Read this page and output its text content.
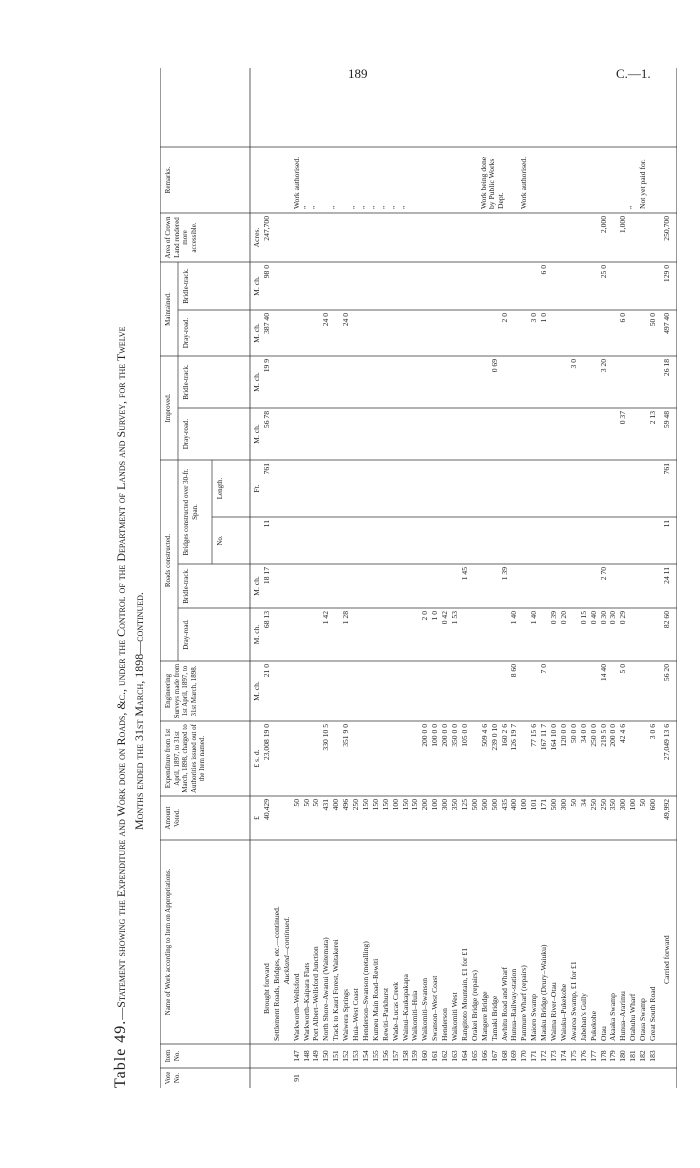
189	C.—1.
Table 49.—Statement showing the Expenditure and Work done on Roads, &c., under the Control of the Department of Lands and Survey, for the Twelve Months ended the 31st March, 1898—continued.
Vote No.
Item No.
Name of Work according to Item on Appropriations.
Amount Voted.
Expenditure from 1st April, 1897, to 31st March, 1898, charged to Authorities issued out of the Item named.
Engineering Surveys made from 1st April, 1897, to 31st March, 1898.
Roads constructed.
Dray-road.
Bridle-track.
Bridges constructed over 30-ft. Span.
No.
Length.
Improved.
Dray-road.
Bridle-track.
Maintained.
Dray-road.
Bridle-track.
Area of Crown Land rendered more accessible.
Remarks.
£
£ s. d.
M. ch.
M. ch.
M. ch.
Ft.
M. ch.
M. ch.
M. ch.
M. ch.
Acres.
Brought forward
40,429
23,008 19 0
21 0
68 13
18 17
11
761
56 78
19 9
387 40
98 0
247,700
Settlement Roads, Bridges, etc.—continued. Auckland—continued.
91
147
Warkworth–Wellsford
50
Work authorised.
148
Warkworth–Kaipara Flats
50
"
149
Port Albert–Wellsford Junction
50
"
150
North Shore–Awanui (Waitemata)
431
330 10 5
1 42
24 0
151
Track to Kauri Forest, Waitakerei
400
"
152
Waiwera Springs
496
351 9 0
1 28
24 0
153
Huia–West Coast
250
"
154
Henderson–Swanson (metalling)
150
"
155
Kumeu Main Road–Rewiti
150
"
156
Rewiti–Parkhurst
150
"
157
Wade–Lucas Creek
100
"
158
Wainui–Kaukapakapa
150
"
159
Waikomiti–Huia
150
160
Waikomiti–Swanson
200
200 0 0
2 0
161
Swanson–West Coast
100
100 0 0
1 0
162
Henderson
300
200 0 0
0 42
163
Waikomiti West
350
350 0 0
1 53
164
Rangitoto Mountain, £1 for £1
125
105 0 0
1 45
165
Orakei Bridge (repairs)
500
166
Mangere Bridge
500
509 4 6
Work being done by Public Works Dept.
167
Tamaki Bridge
500
239 0 10
0 69
168
Awhitu Road and Wharf
435
160 2 6
1 39
2 0
169
Hunua–Railway-station
400
126 19 7
8 60
1 40
170
Panmure Wharf (repairs)
100
Work authorised.
171
Maioro Swamp
101
77 15 6
1 40
3 0
172
Mauku Bridge (Drury–Waiuku)
171
167 11 7
7 0
1 0
6 0
173
Waima River–Otau
500
164 10 0
0 39
174
Waiuku–Pukekohe
300
120 0 0
0 20
175
Awaroa Swamp, £1 for £1
50
50 0 0
3 0
176
Jabehan's Gully
34
34 0 0
0 15
177
Pukekohe
250
250 0 0
0 40
178
Otau
250
219 5 0
14 40
0 30
2 70
3 20
25 0
2,000
179
Akaaka Swamp
350
200 0 0
0 30
180
Hunua–Ararimu
300
42 4 6
5 0
0 29
0 37
6 0
1,000
181
Otahuhu Wharf
100
"
182
Otaua Swamp
50
Not yet paid for.
183
Great South Road
600
3 0 6
2 13
50 0
Carried forward
49,992
27,049 13 6
56 20
82 60
24 11
11
761
59 48
26 18
497 40
129 0
250,700
